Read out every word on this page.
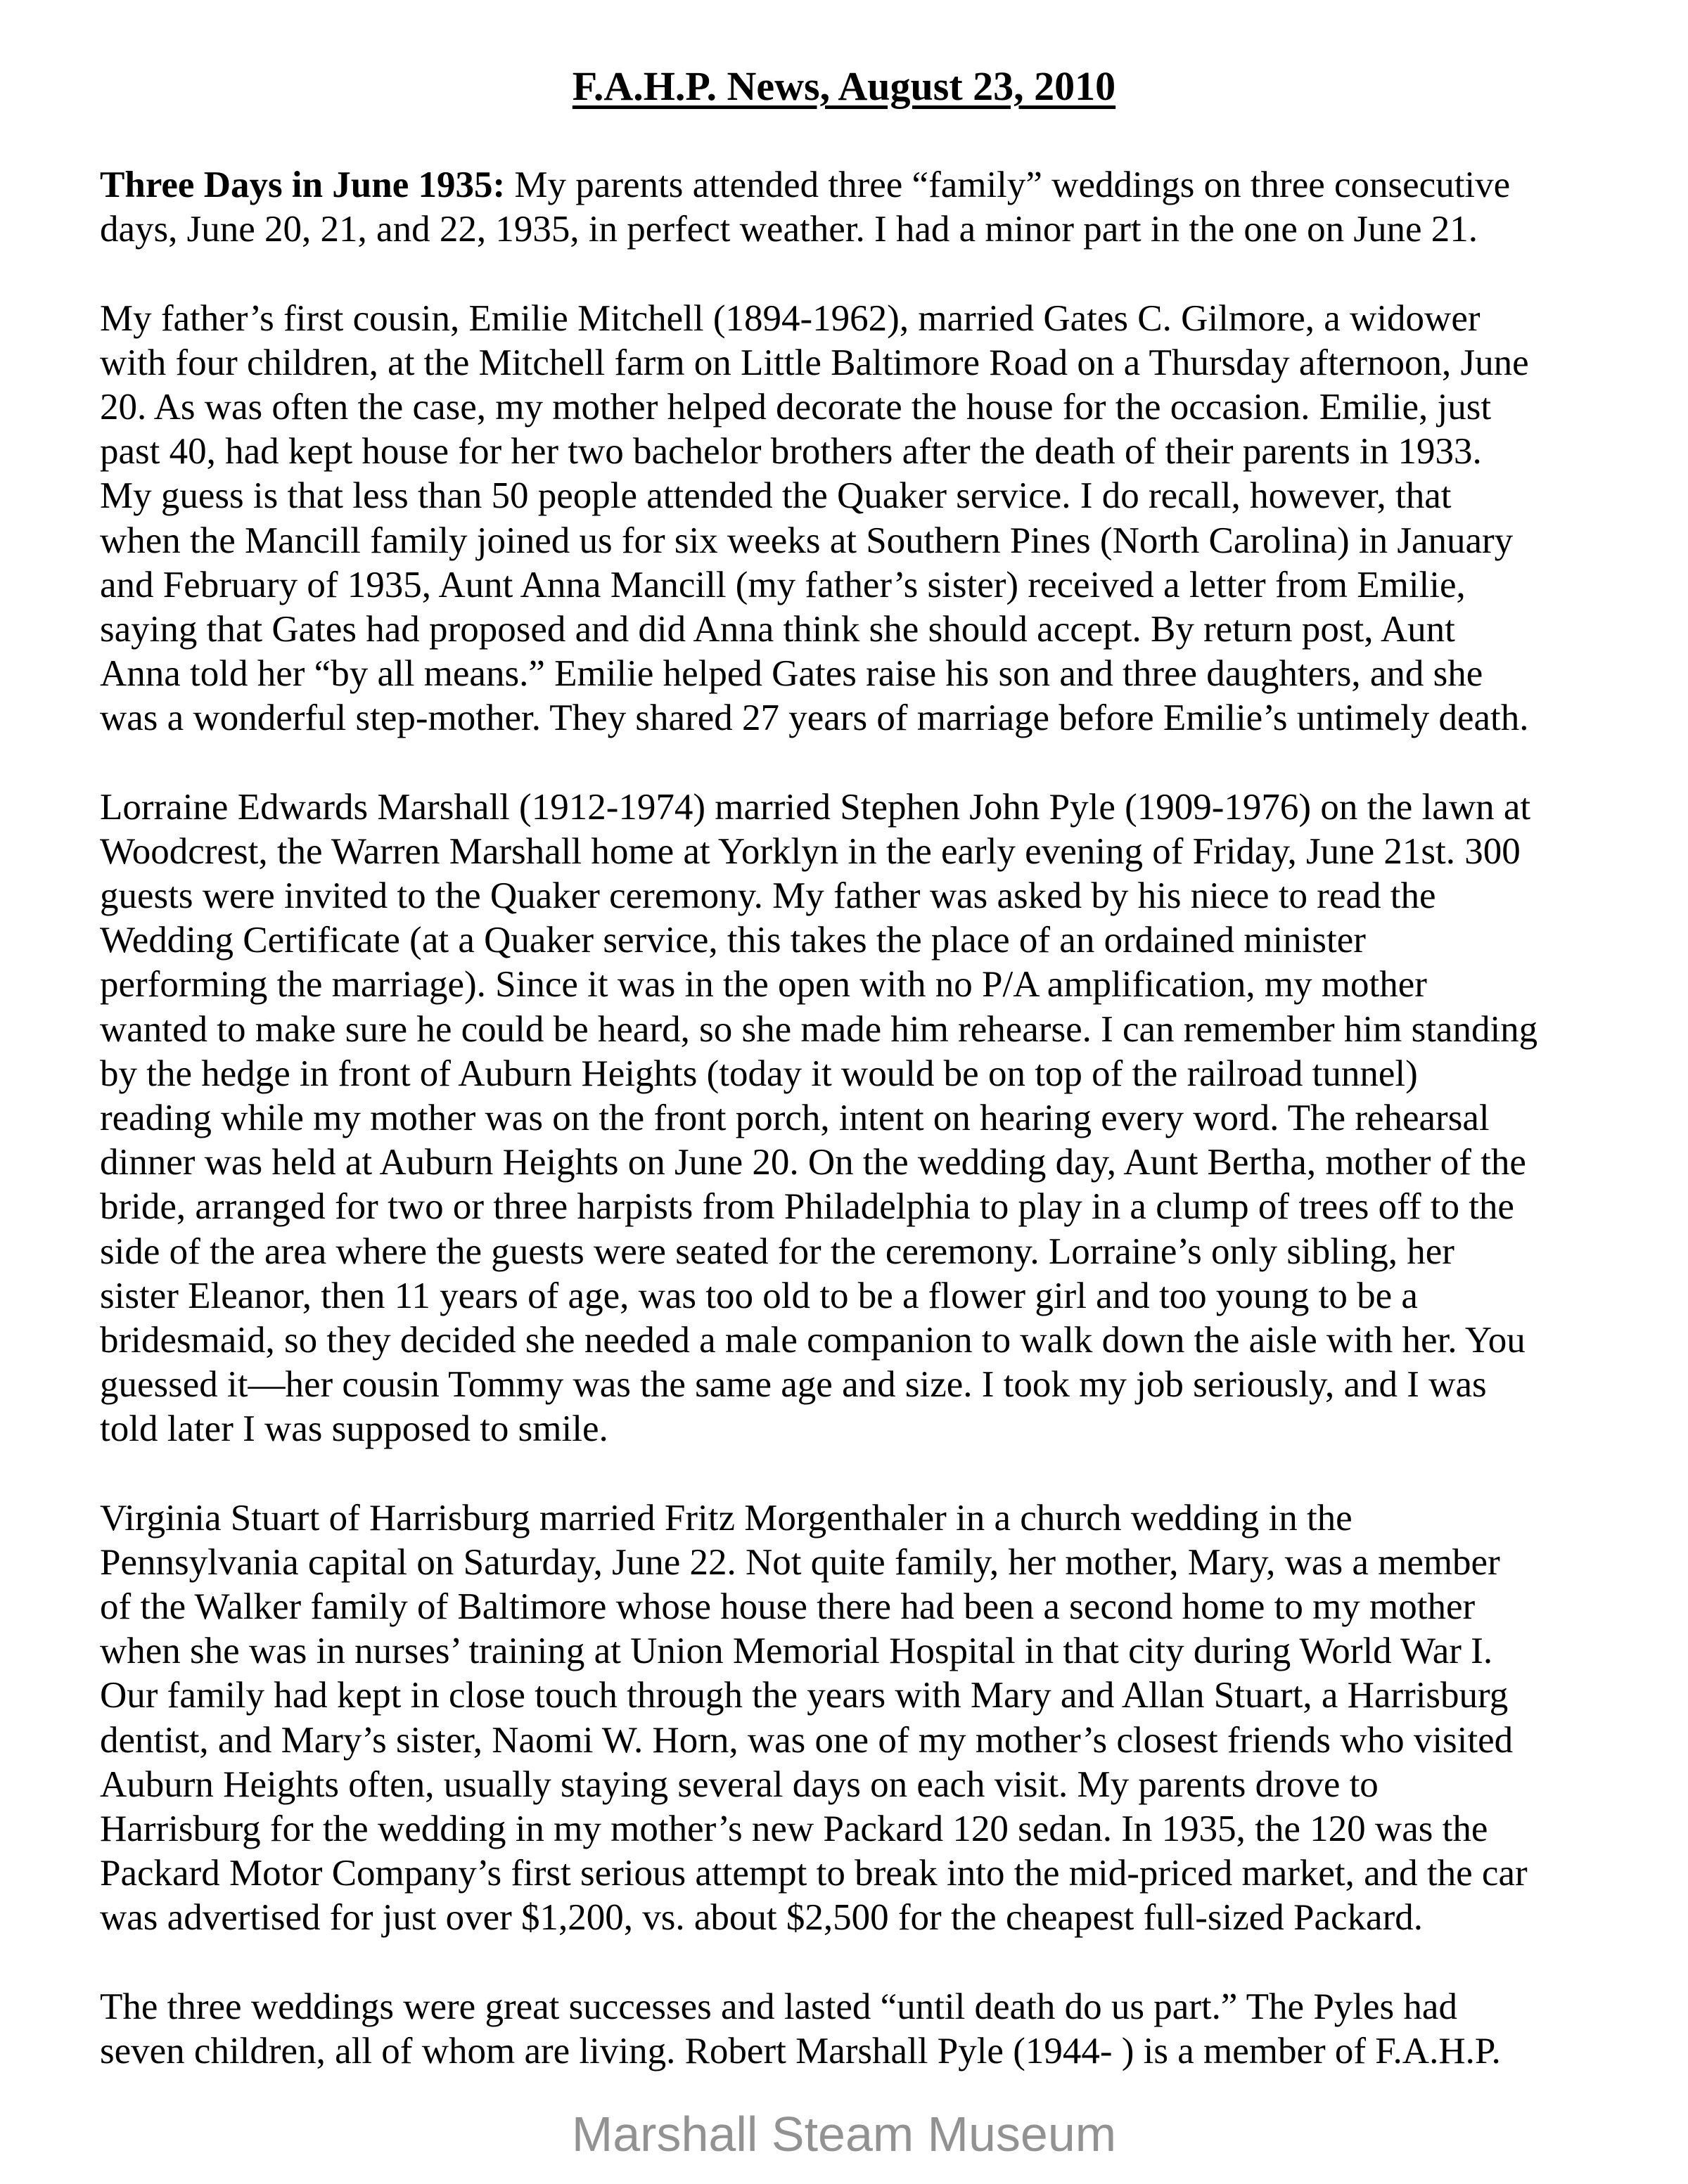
F.A.H.P. News, August 23, 2010
Three Days in June 1935: My parents attended three “family” weddings on three consecutive
days, June 20, 21, and 22, 1935, in perfect weather. I had a minor part in the one on June 21.
My father’s first cousin, Emilie Mitchell (1894-1962), married Gates C. Gilmore, a widower
with four children, at the Mitchell farm on Little Baltimore Road on a Thursday afternoon, June
20. As was often the case, my mother helped decorate the house for the occasion. Emilie, just
past 40, had kept house for her two bachelor brothers after the death of their parents in 1933.
My guess is that less than 50 people attended the Quaker service. I do recall, however, that
when the Mancill family joined us for six weeks at Southern Pines (North Carolina) in January
and February of 1935, Aunt Anna Mancill (my father’s sister) received a letter from Emilie,
saying that Gates had proposed and did Anna think she should accept. By return post, Aunt
Anna told her “by all means.” Emilie helped Gates raise his son and three daughters, and she
was a wonderful step-mother. They shared 27 years of marriage before Emilie’s untimely death.
Lorraine Edwards Marshall (1912-1974) married Stephen John Pyle (1909-1976) on the lawn at
Woodcrest, the Warren Marshall home at Yorklyn in the early evening of Friday, June 21st. 300
guests were invited to the Quaker ceremony. My father was asked by his niece to read the
Wedding Certificate (at a Quaker service, this takes the place of an ordained minister
performing the marriage). Since it was in the open with no P/A amplification, my mother
wanted to make sure he could be heard, so she made him rehearse. I can remember him standing
by the hedge in front of Auburn Heights (today it would be on top of the railroad tunnel)
reading while my mother was on the front porch, intent on hearing every word. The rehearsal
dinner was held at Auburn Heights on June 20. On the wedding day, Aunt Bertha, mother of the
bride, arranged for two or three harpists from Philadelphia to play in a clump of trees off to the
side of the area where the guests were seated for the ceremony. Lorraine’s only sibling, her
sister Eleanor, then 11 years of age, was too old to be a flower girl and too young to be a
bridesmaid, so they decided she needed a male companion to walk down the aisle with her. You
guessed it—her cousin Tommy was the same age and size. I took my job seriously, and I was
told later I was supposed to smile.
Virginia Stuart of Harrisburg married Fritz Morgenthaler in a church wedding in the
Pennsylvania capital on Saturday, June 22. Not quite family, her mother, Mary, was a member
of the Walker family of Baltimore whose house there had been a second home to my mother
when she was in nurses’ training at Union Memorial Hospital in that city during World War I.
Our family had kept in close touch through the years with Mary and Allan Stuart, a Harrisburg
dentist, and Mary’s sister, Naomi W. Horn, was one of my mother’s closest friends who visited
Auburn Heights often, usually staying several days on each visit. My parents drove to
Harrisburg for the wedding in my mother’s new Packard 120 sedan. In 1935, the 120 was the
Packard Motor Company’s first serious attempt to break into the mid-priced market, and the car
was advertised for just over $1,200, vs. about $2,500 for the cheapest full-sized Packard.
The three weddings were great successes and lasted “until death do us part.” The Pyles had
seven children, all of whom are living. Robert Marshall Pyle (1944- ) is a member of F.A.H.P.
Marshall Steam Museum
